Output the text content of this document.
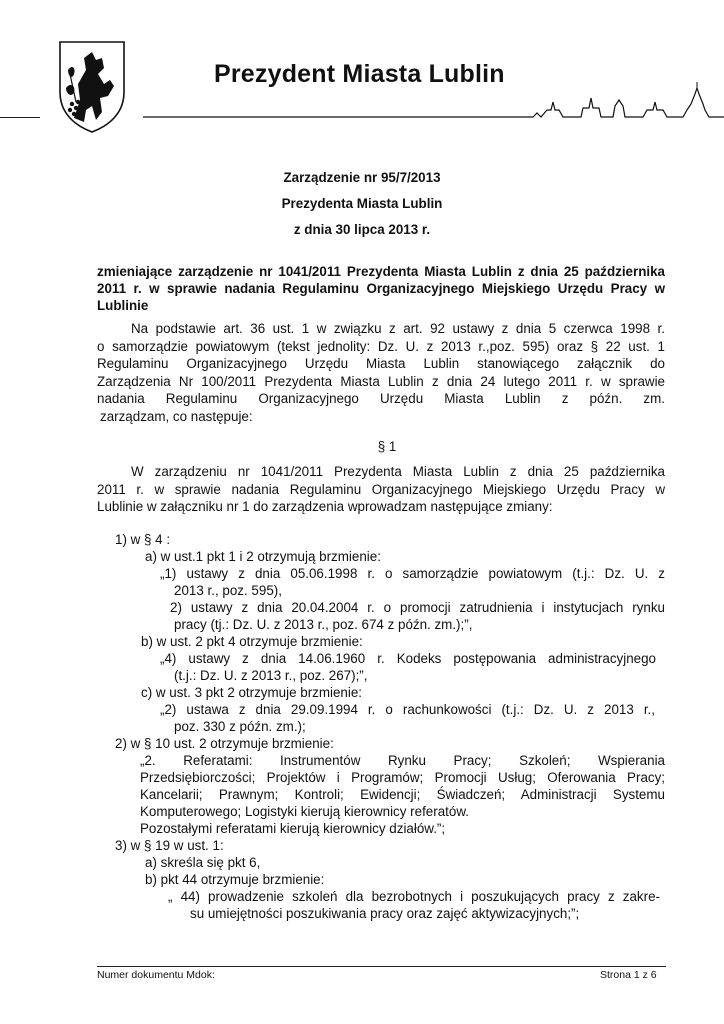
Prezydent Miasta Lublin
Zarządzenie nr 95/7/2013
Prezydenta Miasta Lublin
z dnia 30 lipca 2013 r.
zmieniające zarządzenie nr 1041/2011 Prezydenta Miasta Lublin z dnia 25 października 2011 r. w sprawie nadania Regulaminu Organizacyjnego Miejskiego Urzędu Pracy w Lublinie
Na podstawie art. 36 ust. 1 w związku z art. 92 ustawy z dnia 5 czerwca 1998 r.
o samorządzie powiatowym (tekst jednolity: Dz. U. z 2013 r.,poz. 595) oraz § 22 ust. 1
Regulaminu Organizacyjnego Urzędu Miasta Lublin stanowiącego załącznik do
Zarządzenia Nr 100/2011 Prezydenta Miasta Lublin z dnia 24 lutego 2011 r. w sprawie
nadania Regulaminu Organizacyjnego Urzędu Miasta Lublin z późn. zm.
zarządzam, co następuje:
§ 1
W zarządzeniu nr 1041/2011 Prezydenta Miasta Lublin z dnia 25 października
2011 r. w sprawie nadania Regulaminu Organizacyjnego Miejskiego Urzędu Pracy w
Lublinie w załączniku nr 1 do zarządzenia wprowadzam następujące zmiany:
1) w § 4 :
a) w ust.1 pkt 1 i 2 otrzymują brzmienie:
„1) ustawy z dnia 05.06.1998 r. o samorządzie powiatowym (t.j.: Dz. U. z
2013 r., poz. 595),
2) ustawy z dnia 20.04.2004 r. o promocji zatrudnienia i instytucjach rynku
pracy (tj.: Dz. U. z 2013 r., poz. 674 z późn. zm.);”,
b) w ust. 2 pkt 4 otrzymuje brzmienie:
„4) ustawy z dnia 14.06.1960 r. Kodeks postępowania administracyjnego
(t.j.: Dz. U. z 2013 r., poz. 267);”,
c) w ust. 3 pkt 2 otrzymuje brzmienie:
„2) ustawa z dnia 29.09.1994 r. o rachunkowości (t.j.: Dz. U. z 2013 r.,
poz. 330 z późn. zm.);
2) w § 10 ust. 2 otrzymuje brzmienie:
„2. Referatami: Instrumentów Rynku Pracy; Szkoleń; Wspierania
Przedsiębiorczości; Projektów i Programów; Promocji Usług; Oferowania Pracy;
Kancelarii; Prawnym; Kontroli; Ewidencji; Świadczeń; Administracji Systemu
Komputerowego; Logistyki kierują kierownicy referatów.
Pozostałymi referatami kierują kierownicy działów.”;
3) w § 19 w ust. 1:
a) skreśla się pkt 6,
b) pkt 44 otrzymuje brzmienie:
„ 44) prowadzenie szkoleń dla bezrobotnych i poszukujących pracy z zakre-
su umiejętności poszukiwania pracy oraz zajęć aktywizacyjnych;”;
Numer dokumentu Mdok:	Strona 1 z 6
